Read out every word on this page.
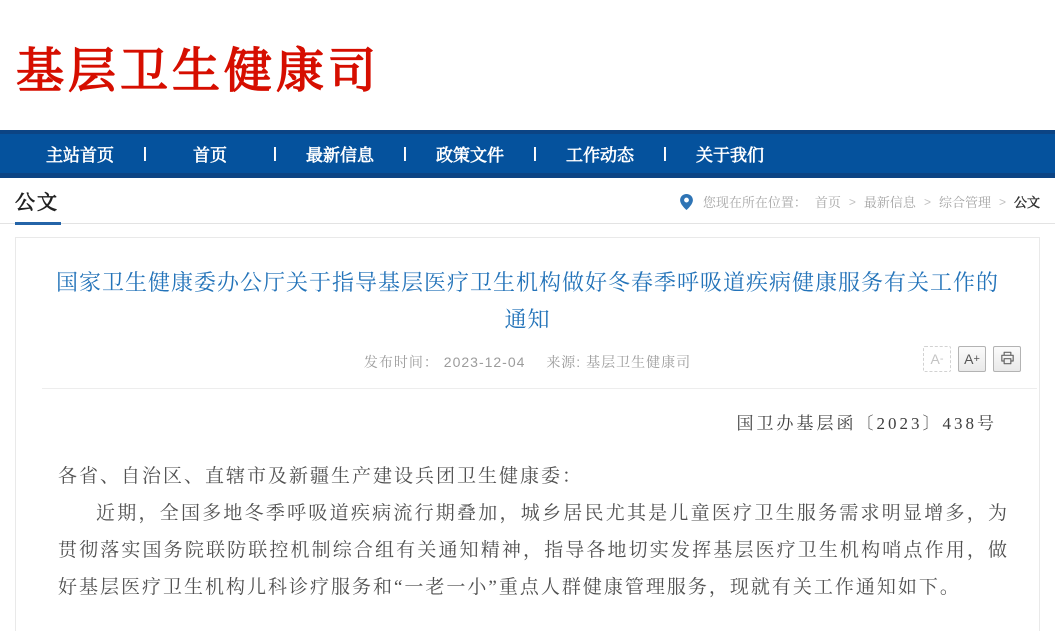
基层卫生健康司
主站首页	|	首页	|	最新信息	|	政策文件	|	工作动态	|	关于我们
公文	您现在所在位置： 首页 > 最新信息 > 综合管理 > 公文
国家卫生健康委办公厅关于指导基层医疗卫生机构做好冬春季呼吸道疾病健康服务有关工作的通知
发布时间： 2023-12-04 来源: 基层卫生健康司	A - A +
国卫办基层函〔2023〕438号

各省、自治区、直辖市及新疆生产建设兵团卫生健康委：

近期，全国多地冬季呼吸道疾病流行期叠加，城乡居民尤其是儿童医疗卫生服务需求明显增多，为贯彻落实国务院联防联控机制综合组有关通知精神，指导各地切实发挥基层医疗卫生机构哨点作用，做好基层医疗卫生机构儿科诊疗服务和“一老一小”重点人群健康管理服务，现就有关工作通知如下。
